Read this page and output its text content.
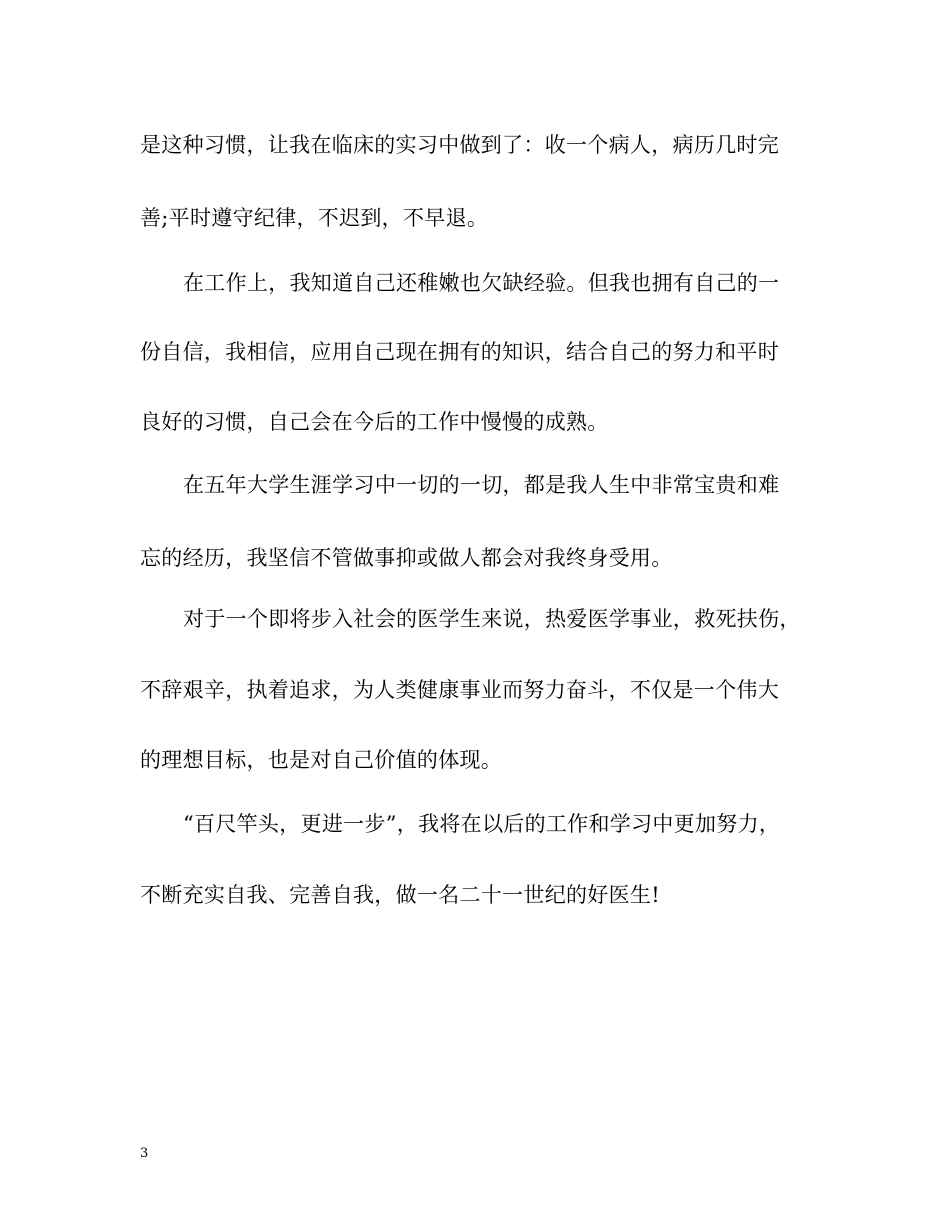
是这种习惯，让我在临床的实习中做到了：收一个病人，病历几时完
善;平时遵守纪律，不迟到，不早退。
在工作上，我知道自己还稚嫩也欠缺经验。但我也拥有自己的一
份自信，我相信，应用自己现在拥有的知识，结合自己的努力和平时
良好的习惯，自己会在今后的工作中慢慢的成熟。
在五年大学生涯学习中一切的一切，都是我人生中非常宝贵和难
忘的经历，我坚信不管做事抑或做人都会对我终身受用。
对于一个即将步入社会的医学生来说，热爱医学事业，救死扶伤，
不辞艰辛，执着追求，为人类健康事业而努力奋斗，不仅是一个伟大
的理想目标，也是对自己价值的体现。
“百尺竿头，更进一步”，我将在以后的工作和学习中更加努力，
不断充实自我、完善自我，做一名二十一世纪的好医生!
3
